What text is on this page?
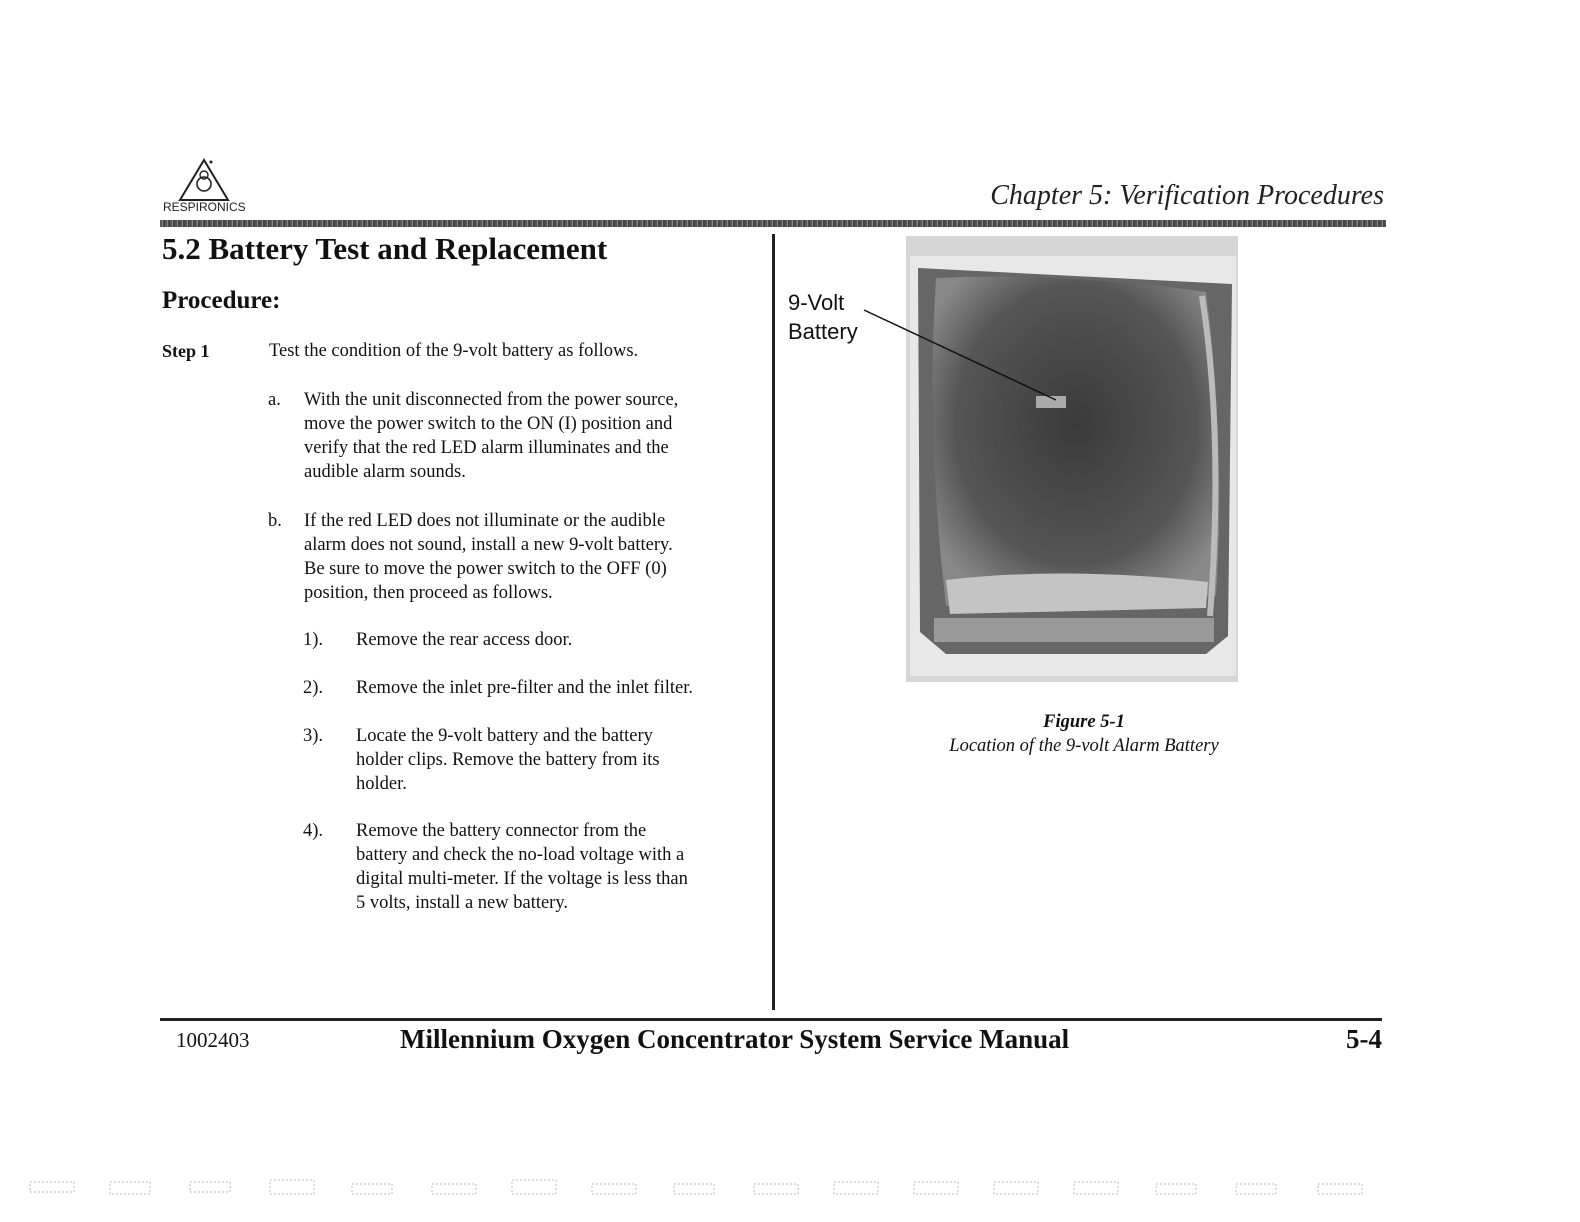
RESPIRONICS	Chapter 5: Verification Procedures
5.2 Battery Test and Replacement
Procedure:
Step 1	Test the condition of the 9-volt battery as follows.
a. With the unit disconnected from the power source,
move the power switch to the ON (I) position and
verify that the red LED alarm illuminates and the
audible alarm sounds.
b. If the red LED does not illuminate or the audible
alarm does not sound, install a new 9-volt battery.
Be sure to move the power switch to the OFF (0)
position, then proceed as follows.
1). Remove the rear access door.
2). Remove the inlet pre-filter and the inlet filter.
3). Locate the 9-volt battery and the battery
holder clips. Remove the battery from its
holder.
4). Remove the battery connector from the
battery and check the no-load voltage with a
digital multi-meter. If the voltage is less than
5 volts, install a new battery.
9-Volt
Battery
Figure 5-1
Location of the 9-volt Alarm Battery
1002403	Millennium Oxygen Concentrator System Service Manual	5-4
